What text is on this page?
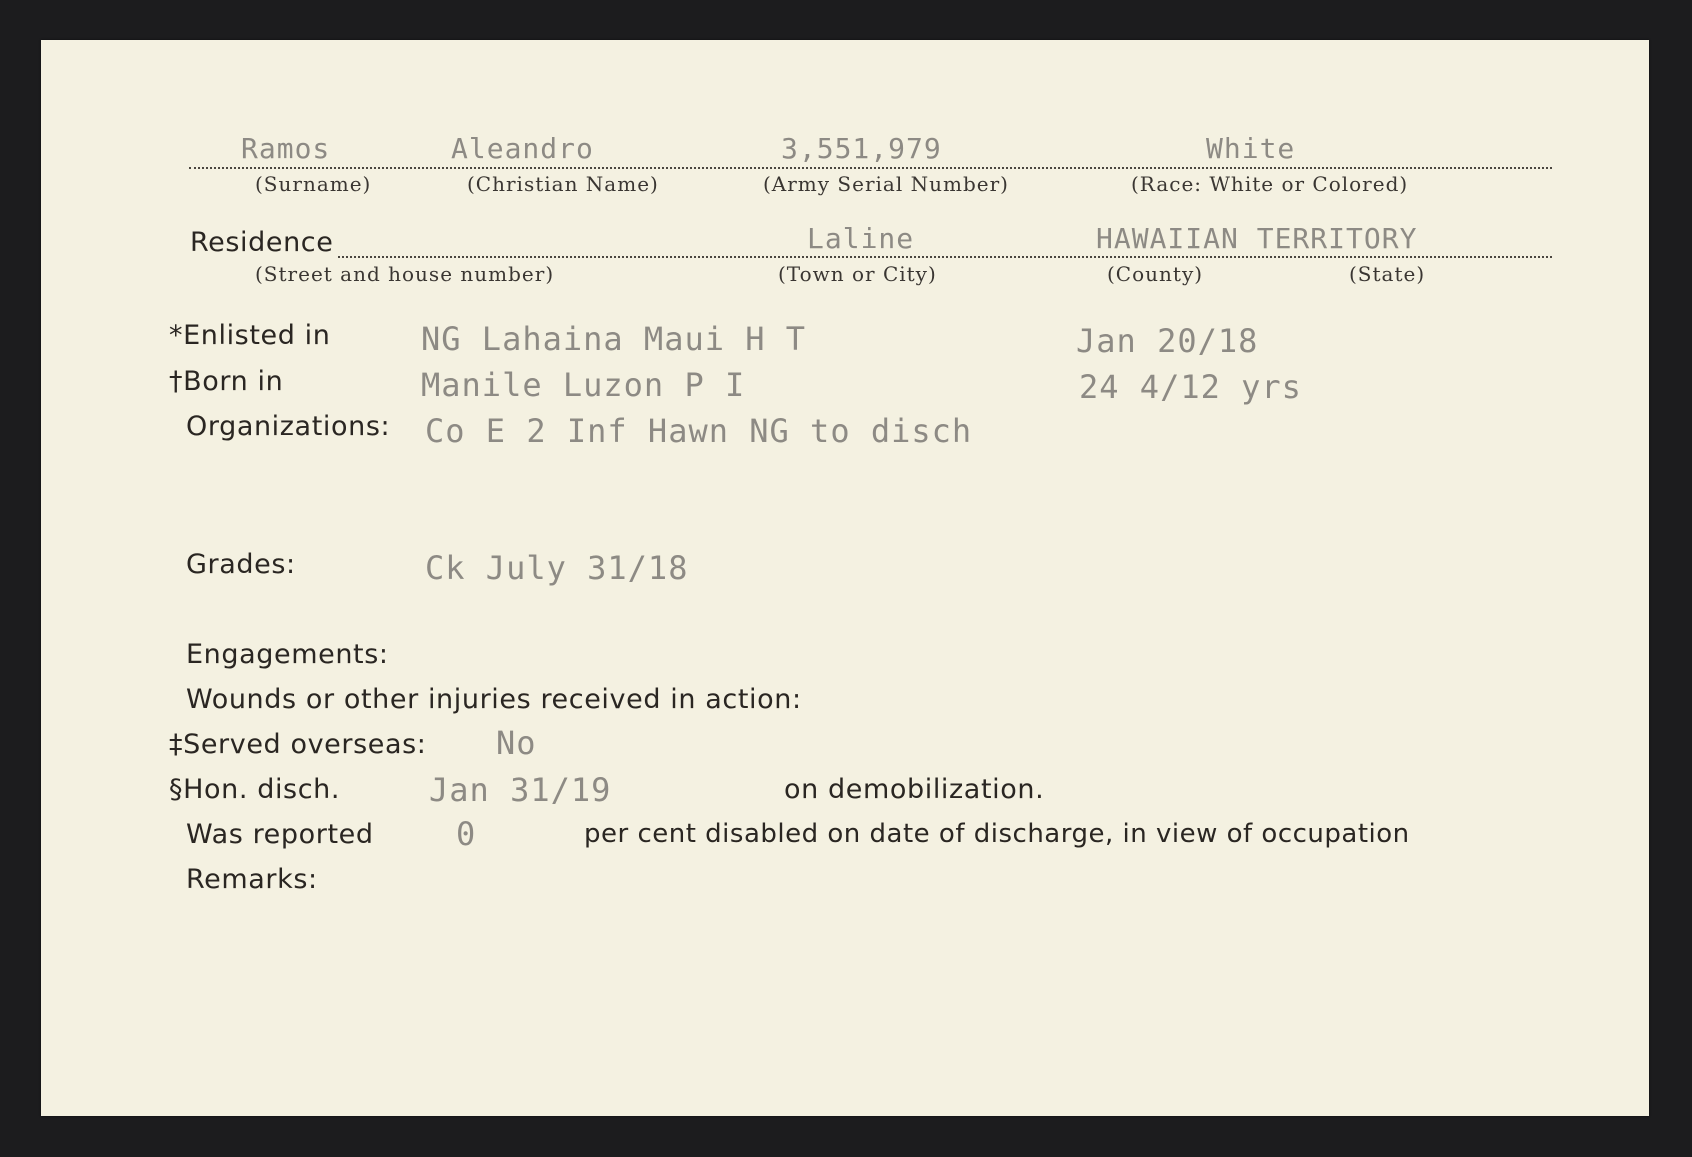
Ramos	Aleandro	3,551,979	White
(Surname)	(Christian Name)	(Army Serial Number)	(Race: White or Colored)
Residence	Laline	HAWAIIAN TERRITORY
(Street and house number)	(Town or City)	(County)	(State)
*Enlisted in	NG Lahaina Maui H T	Jan 20/18
†Born in	Manile Luzon P I	24 4/12 yrs
Organizations: Co E 2 Inf Hawn NG to disch
Grades:	Ck July 31/18
Engagements:
Wounds or other injuries received in action:
‡Served overseas: No
§Hon. disch.	Jan 31/19	on demobilization.
Was reported	0	per cent disabled on date of discharge, in view of occupation
Remarks:
